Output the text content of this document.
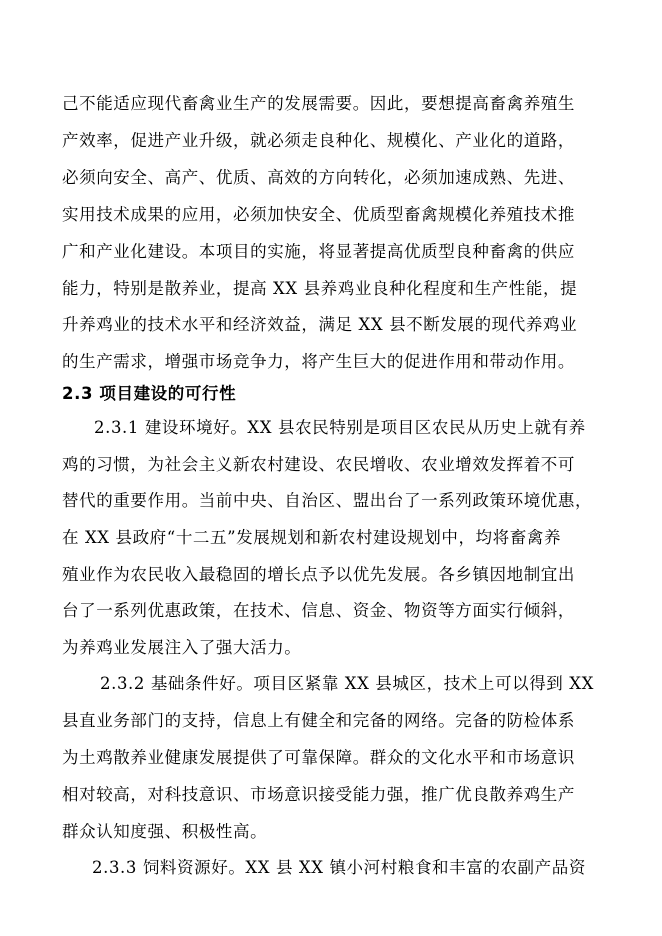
己不能适应现代畜禽业生产的发展需要。因此，要想提高畜禽养殖生
产效率，促进产业升级，就必须走良种化、规模化、产业化的道路，
必须向安全、高产、优质、高效的方向转化，必须加速成熟、先进、
实用技术成果的应用，必须加快安全、优质型畜禽规模化养殖技术推
广和产业化建设。本项目的实施，将显著提高优质型良种畜禽的供应
能力，特别是散养业，提高 XX 县养鸡业良种化程度和生产性能，提
升养鸡业的技术水平和经济效益，满足 XX 县不断发展的现代养鸡业
的生产需求，增强市场竞争力，将产生巨大的促进作用和带动作用。
2.3 项目建设的可行性
2.3.1 建设环境好。XX 县农民特别是项目区农民从历史上就有养
鸡的习惯，为社会主义新农村建设、农民增收、农业增效发挥着不可
替代的重要作用。当前中央、自治区、盟出台了一系列政策环境优惠，
在 XX 县政府“十二五”发展规划和新农村建设规划中，均将畜禽养
殖业作为农民收入最稳固的增长点予以优先发展。各乡镇因地制宜出
台了一系列优惠政策，在技术、信息、资金、物资等方面实行倾斜，
为养鸡业发展注入了强大活力。
2.3.2 基础条件好。项目区紧靠 XX 县城区，技术上可以得到 XX
县直业务部门的支持，信息上有健全和完备的网络。完备的防检体系
为土鸡散养业健康发展提供了可靠保障。群众的文化水平和市场意识
相对较高，对科技意识、市场意识接受能力强，推广优良散养鸡生产
群众认知度强、积极性高。
2.3.3 饲料资源好。XX 县 XX 镇小河村粮食和丰富的农副产品资
